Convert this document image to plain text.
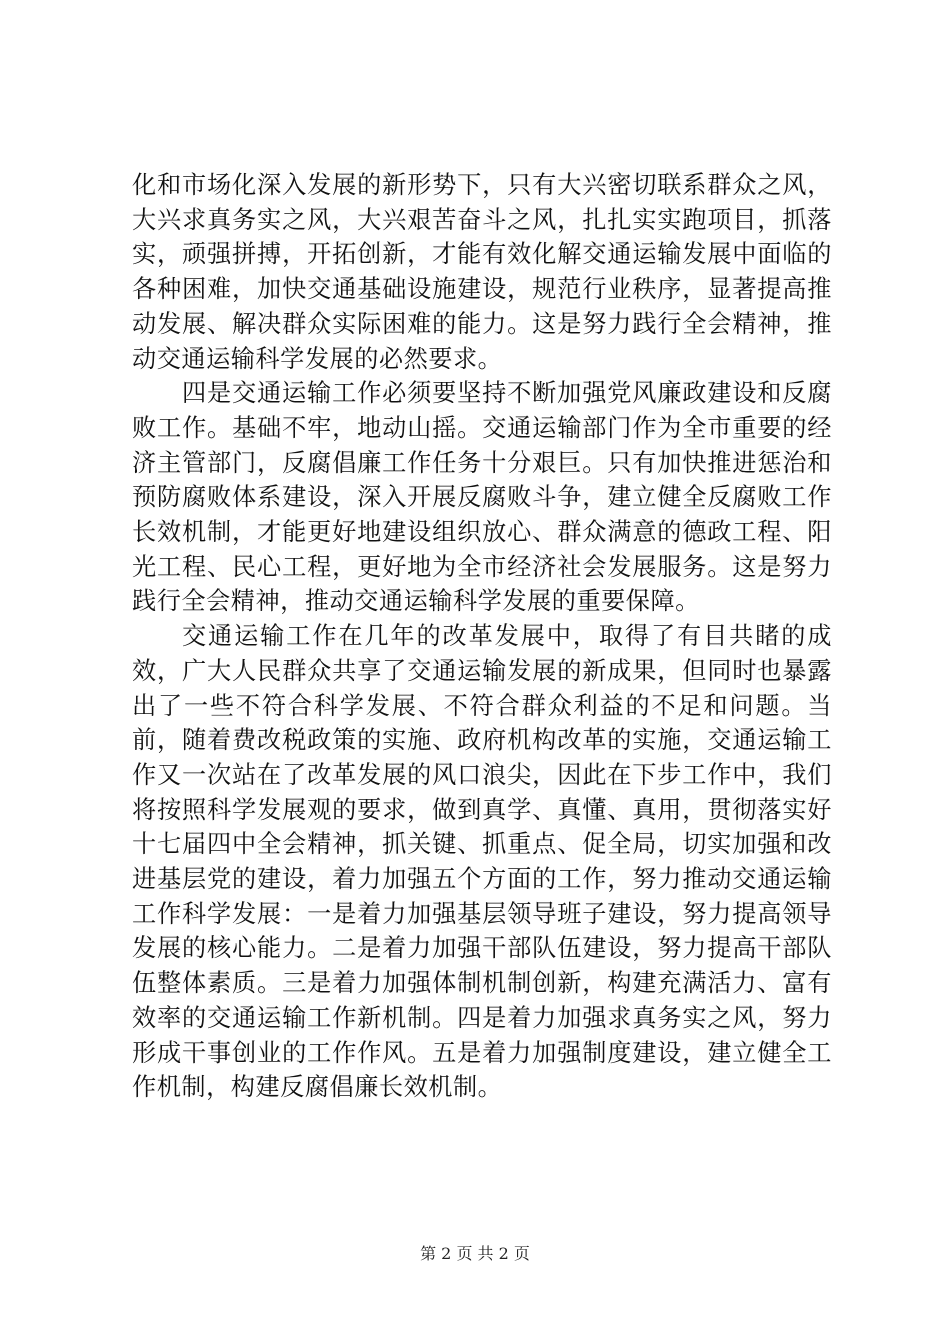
化和市场化深入发展的新形势下，只有大兴密切联系群众之风，大兴求真务实之风，大兴艰苦奋斗之风，扎扎实实跑项目，抓落实，顽强拼搏，开拓创新，才能有效化解交通运输发展中面临的各种困难，加快交通基础设施建设，规范行业秩序，显著提高推动发展、解决群众实际困难的能力。这是努力践行全会精神，推动交通运输科学发展的必然要求。

四是交通运输工作必须要坚持不断加强党风廉政建设和反腐败工作。基础不牢，地动山摇。交通运输部门作为全市重要的经济主管部门，反腐倡廉工作任务十分艰巨。只有加快推进惩治和预防腐败体系建设，深入开展反腐败斗争，建立健全反腐败工作长效机制，才能更好地建设组织放心、群众满意的德政工程、阳光工程、民心工程，更好地为全市经济社会发展服务。这是努力践行全会精神，推动交通运输科学发展的重要保障。

交通运输工作在几年的改革发展中，取得了有目共睹的成效，广大人民群众共享了交通运输发展的新成果，但同时也暴露出了一些不符合科学发展、不符合群众利益的不足和问题。当前，随着费改税政策的实施、政府机构改革的实施，交通运输工作又一次站在了改革发展的风口浪尖，因此在下步工作中，我们将按照科学发展观的要求，做到真学、真懂、真用，贯彻落实好十七届四中全会精神，抓关键、抓重点、促全局，切实加强和改进基层党的建设，着力加强五个方面的工作，努力推动交通运输工作科学发展：一是着力加强基层领导班子建设，努力提高领导发展的核心能力。二是着力加强干部队伍建设，努力提高干部队伍整体素质。三是着力加强体制机制创新，构建充满活力、富有效率的交通运输工作新机制。四是着力加强求真务实之风，努力形成干事创业的工作作风。五是着力加强制度建设，建立健全工作机制，构建反腐倡廉长效机制。

第 2 页 共 2 页
